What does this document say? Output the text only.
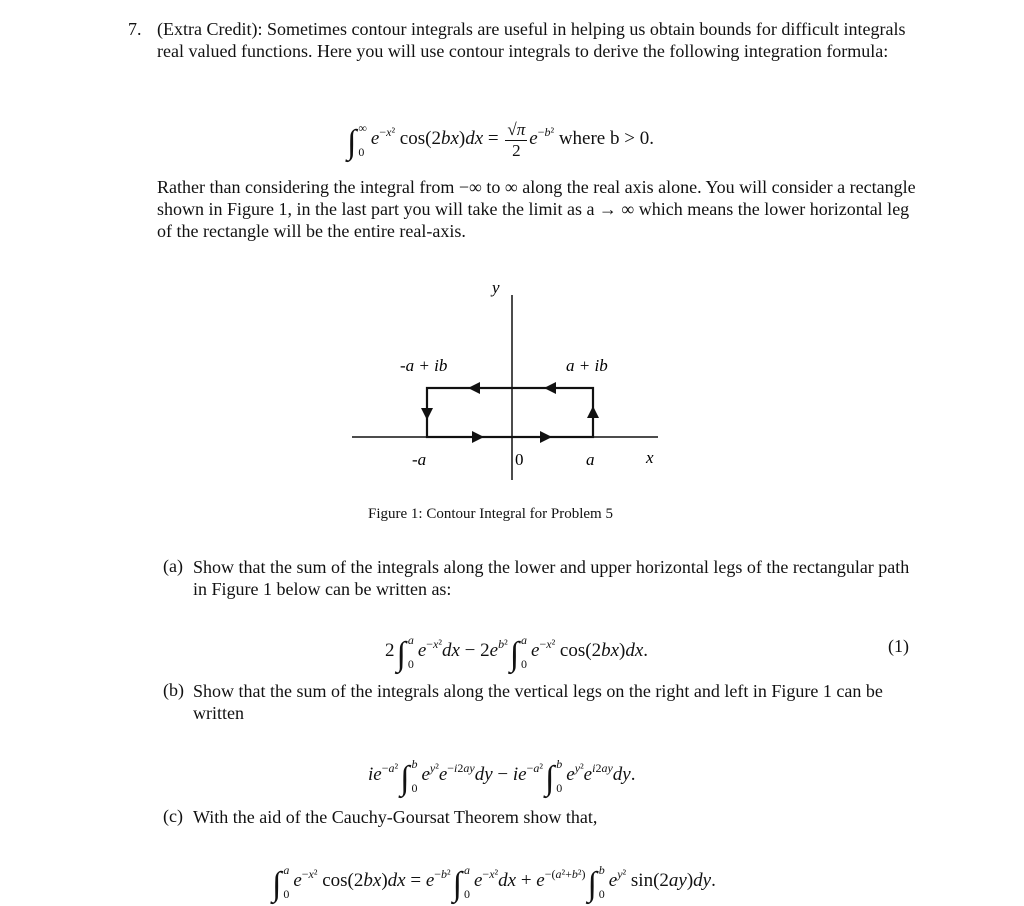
7. (Extra Credit): Sometimes contour integrals are useful in helping us obtain bounds for difficult integrals real valued functions. Here you will use contour integrals to derive the following integration formula:
∫ ∞
0
$e^{-x^2}$ $\cos(2bx)dx = \frac{√\pi}{2} e^{-b^2}$ where b > 0.
Rather than considering the integral from −∞ to ∞ along the real axis alone. You will consider a rectangle shown in Figure 1, in the last part you will take the limit as a → ∞ which means the lower horizontal leg of the rectangle will be the entire real-axis.
y
-a + ib	a + ib
-a	0	a	x
Figure 1: Contour Integral for Problem 5
(a) Show that the sum of the integrals along the lower and upper horizontal legs of the rectangular path in Figure 1 below can be written as:
2∫ a
0
$e^{-x^2}dx - 2e^{b^2}\int$ a
0
$e^{-x^2}$ cos(2bx)dx.	(1)
(b) Show that the sum of the integrals along the vertical legs on the right and left in Figure 1 can be written
$ie^{-a^2}\int$ b
0
$e^{y^2}e^{-i2ay}dy - ie^{-a^2}\int$ b
0
$e^{y^2}e^{i2ay}dy$.
(c) With the aid of the Cauchy-Goursat Theorem show that,
∫ a
0
$e^{-x^2}$ $\cos(2bx)dx = e^{-b^2}\int$ a
0
$e^{-x^2}dx + e^{-(a^2+b^2)}\int$ b
0
$e^{y^2}$ sin(2ay)dy.
